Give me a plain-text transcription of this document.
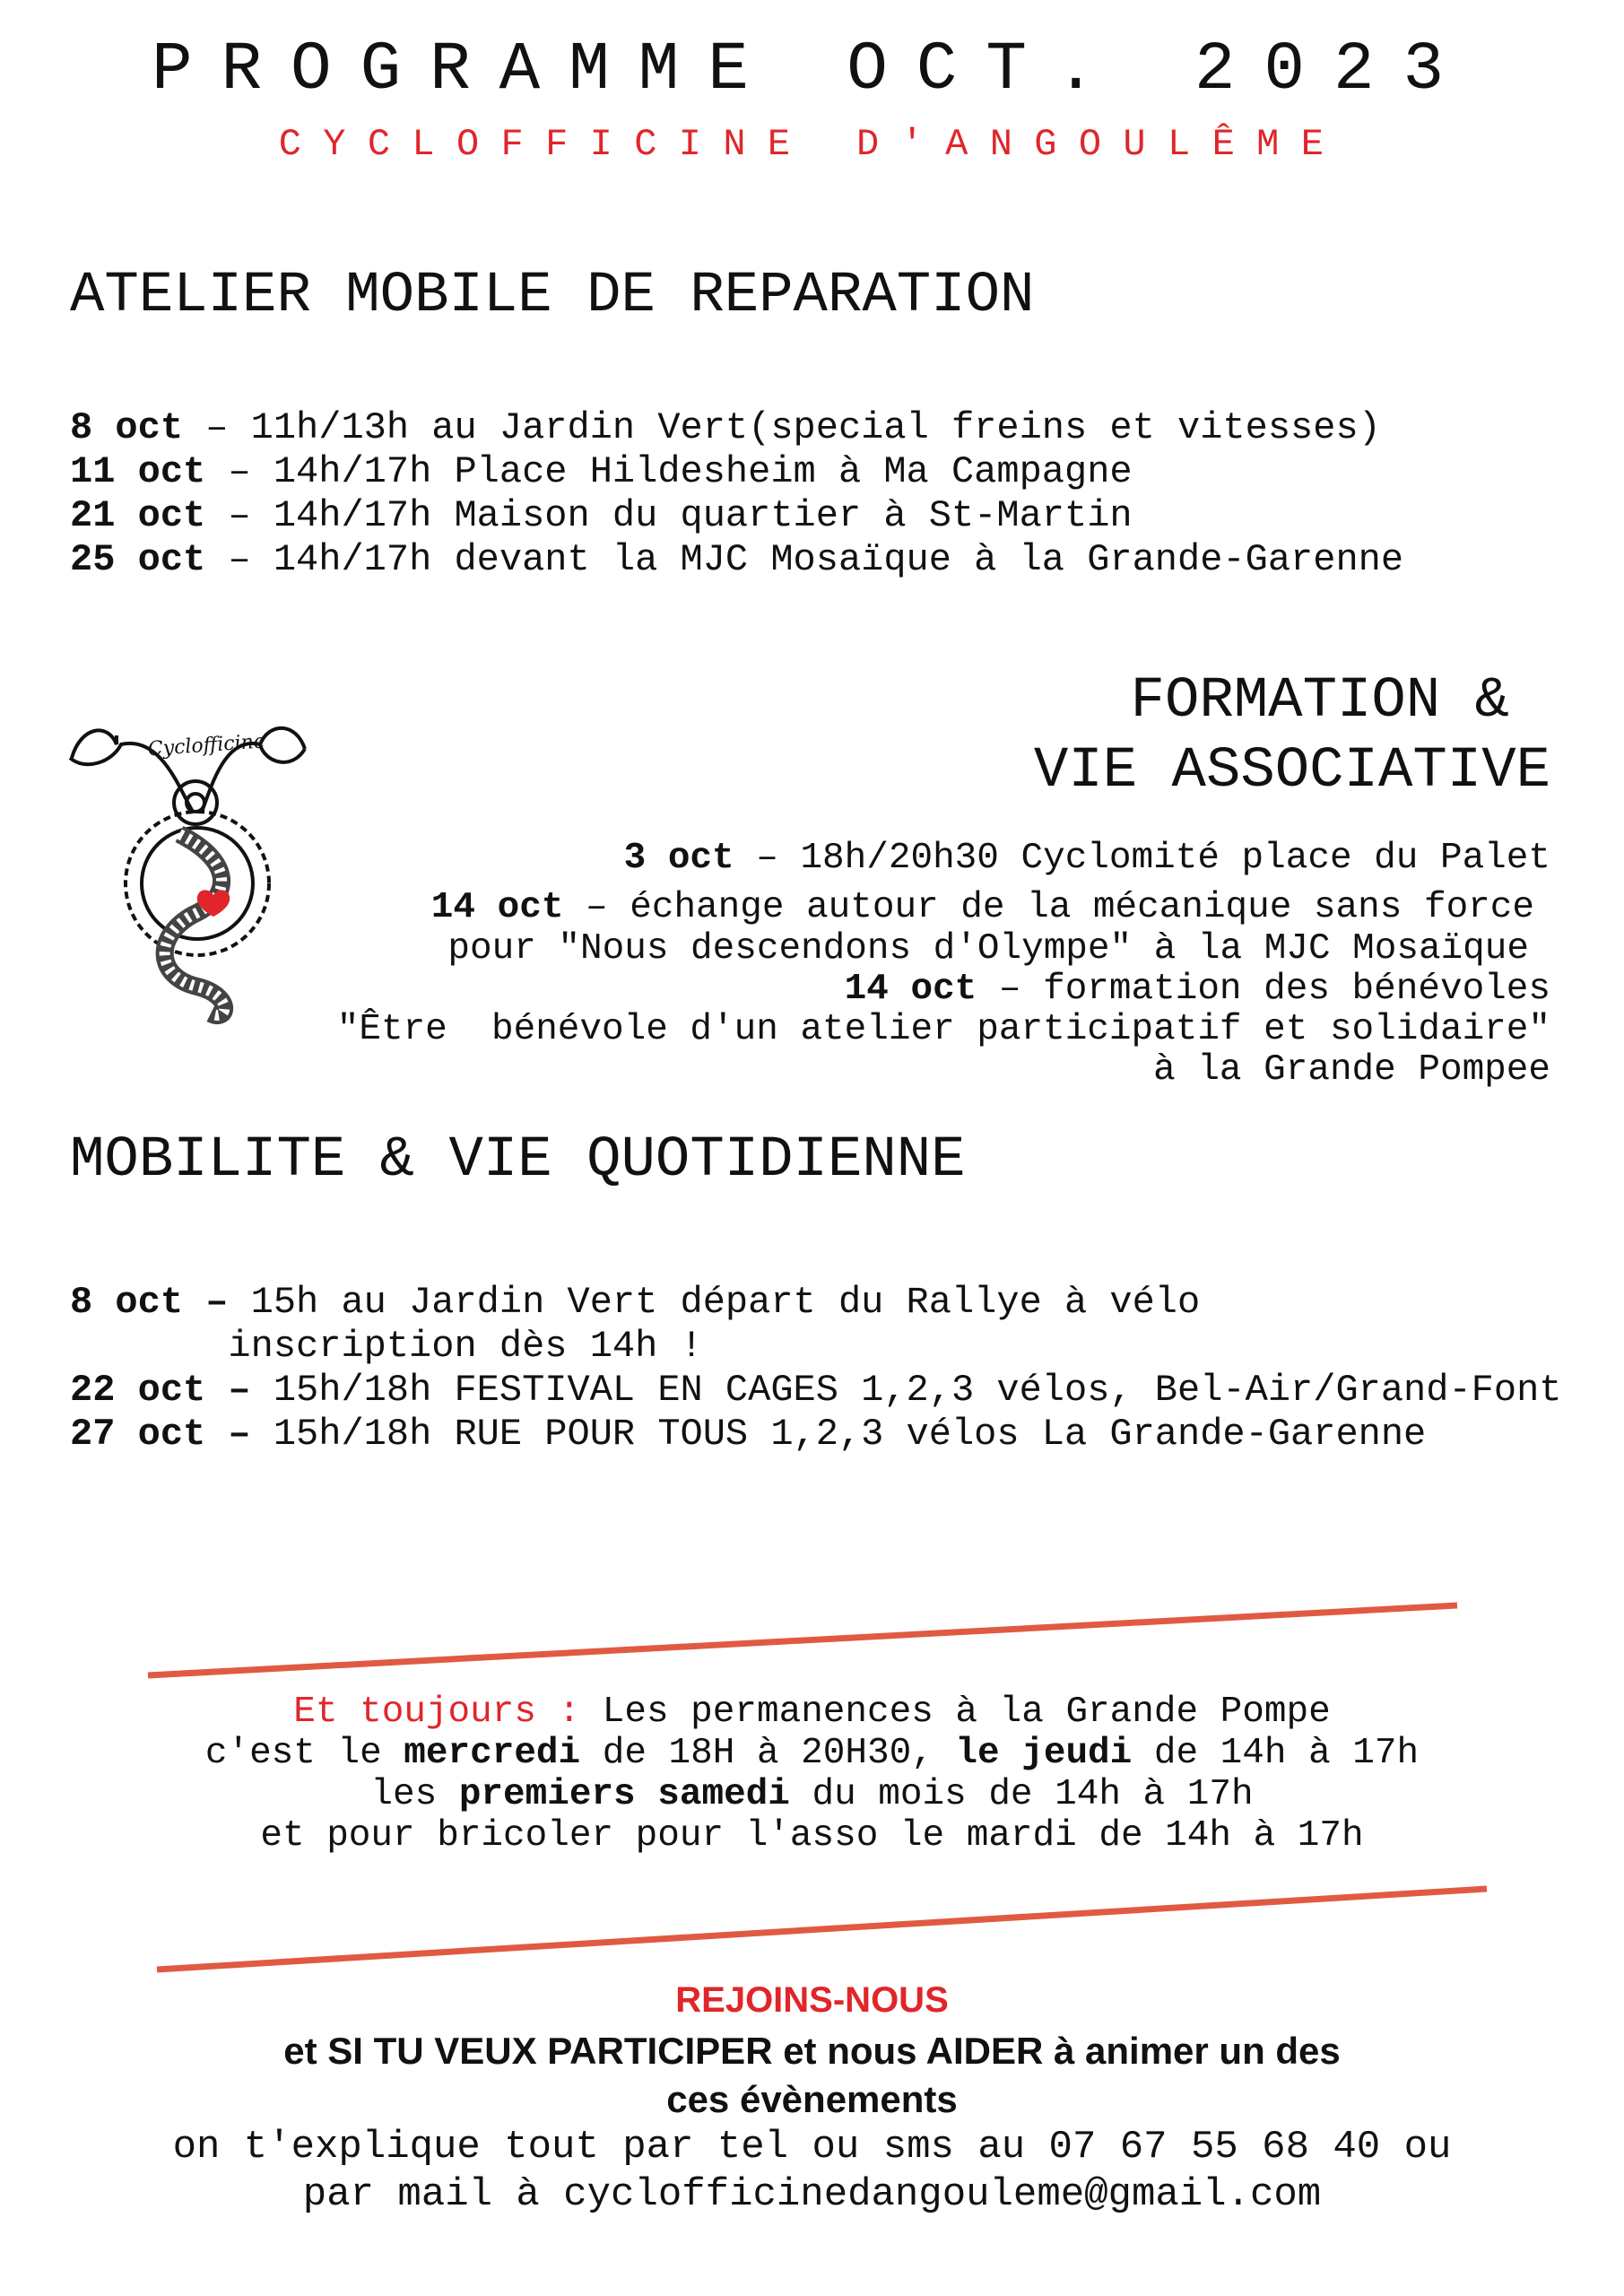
Cyclofficine
PROGRAMME OCT. 2023
CYCLOFFICINE D'ANGOULÊME
ATELIER MOBILE DE REPARATION
8 oct – 11h/13h au Jardin Vert(special freins et vitesses)
11 oct – 14h/17h Place Hildesheim à Ma Campagne
21 oct – 14h/17h Maison du quartier à St-Martin
25 oct – 14h/17h devant la MJC Mosaïque à la Grande-Garenne
FORMATION &
VIE ASSOCIATIVE
3 oct – 18h/20h30 Cyclomité place du Palet
14 oct – échange autour de la mécanique sans force
pour "Nous descendons d'Olympe" à la MJC Mosaïque
14 oct – formation des bénévoles
"Être  bénévole d'un atelier participatif et solidaire"
à la Grande Pompee
MOBILITE & VIE QUOTIDIENNE
8 oct – 15h au Jardin Vert départ du Rallye à vélo
inscription dès 14h !
22 oct – 15h/18h FESTIVAL EN CAGES 1,2,3 vélos, Bel-Air/Grand-Font
27 oct – 15h/18h RUE POUR TOUS 1,2,3 vélos La Grande-Garenne
Et toujours : Les permanences à la Grande Pompe
c'est le mercredi de 18H à 20H30, le jeudi de 14h à 17h
les premiers samedi du mois de 14h à 17h
et pour bricoler pour l'asso le mardi de 14h à 17h
REJOINS-NOUS
et SI TU VEUX PARTICIPER et nous AIDER à animer un des
ces évènements
on t'explique tout par tel ou sms au 07 67 55 68 40 ou
par mail à cyclofficinedangouleme@gmail.com
